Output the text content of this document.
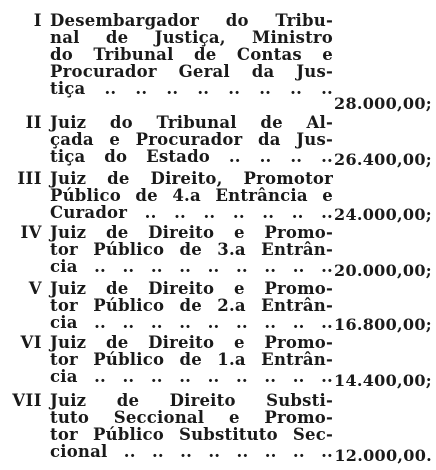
I Desembargador do Tribu-
nal de Justiça, Ministro
do Tribunal de Contas e
Procurador Geral da Jus-
tiça .. .. .. .. .. .. .. ..
28.000,00;
II Juiz do Tribunal de Al-
çada e Procurador da Jus-
tiça do Estado .. .. .. .. 26.400,00;
III Juiz de Direito, Promotor
Público de 4.a Entrância e
Curador .. .. .. .. .. .. .. 24.000,00;
IV Juiz de Direito e Promo-
tor Público de 3.a Entrân-
cia .. .. .. .. .. .. .. .. .. 20.000,00;
V Juiz de Direito e Promo-
tor Público de 2.a Entrân-
cia .. .. .. .. .. .. .. .. .. 16.800,00;
VI Juiz de Direito e Promo-
tor Público de 1.a Entrân-
cia .. .. .. .. .. .. .. .. .. 14.400,00;
VII Juiz de Direito Substi-
tuto Seccional e Promo-
tor Público Substituto Sec-
cional .. .. .. .. .. .. .. .. 12.000,00.
